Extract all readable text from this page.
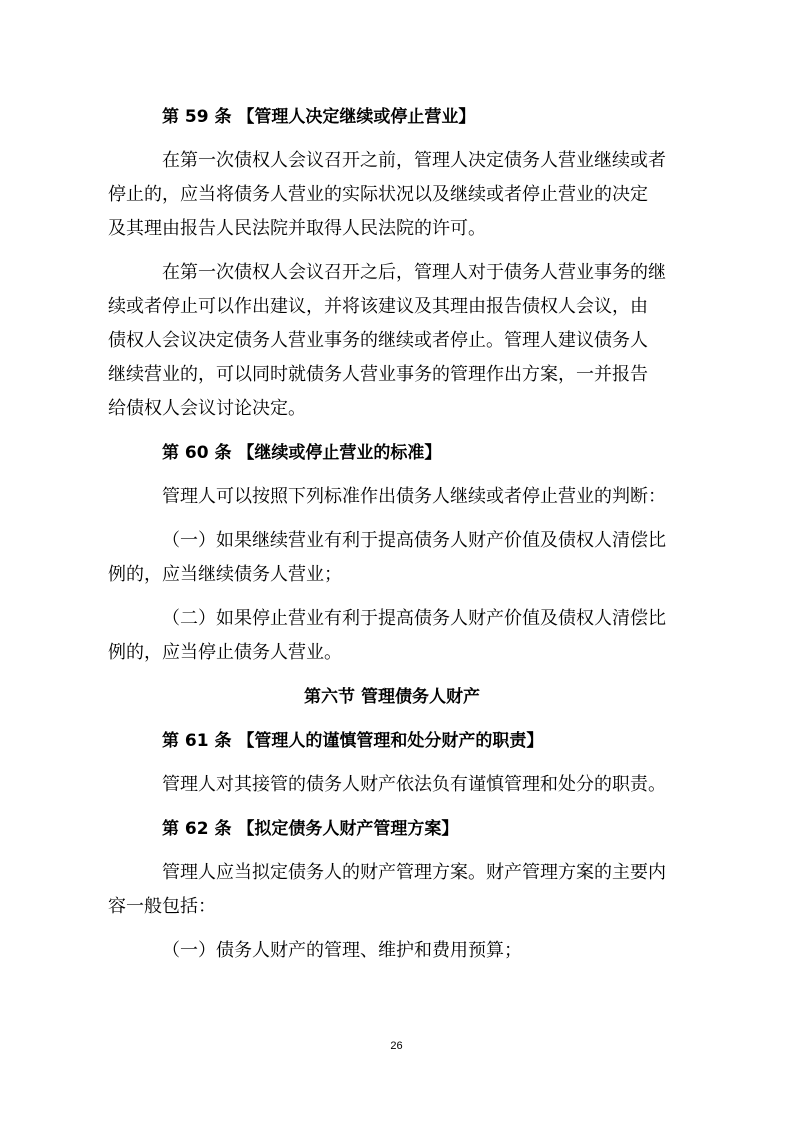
第 59 条 【管理人决定继续或停止营业】
在第一次债权人会议召开之前，管理人决定债务人营业继续或者
停止的，应当将债务人营业的实际状况以及继续或者停止营业的决定
及其理由报告人民法院并取得人民法院的许可。
在第一次债权人会议召开之后，管理人对于债务人营业事务的继
续或者停止可以作出建议，并将该建议及其理由报告债权人会议，由
债权人会议决定债务人营业事务的继续或者停止。管理人建议债务人
继续营业的，可以同时就债务人营业事务的管理作出方案，一并报告
给债权人会议讨论决定。
第 60 条 【继续或停止营业的标准】
管理人可以按照下列标准作出债务人继续或者停止营业的判断：
（一）如果继续营业有利于提高债务人财产价值及债权人清偿比
例的，应当继续债务人营业；
（二）如果停止营业有利于提高债务人财产价值及债权人清偿比
例的，应当停止债务人营业。
第六节 管理债务人财产
第 61 条 【管理人的谨慎管理和处分财产的职责】
管理人对其接管的债务人财产依法负有谨慎管理和处分的职责。
第 62 条 【拟定债务人财产管理方案】
管理人应当拟定债务人的财产管理方案。财产管理方案的主要内
容一般包括：
（一）债务人财产的管理、维护和费用预算；
26
